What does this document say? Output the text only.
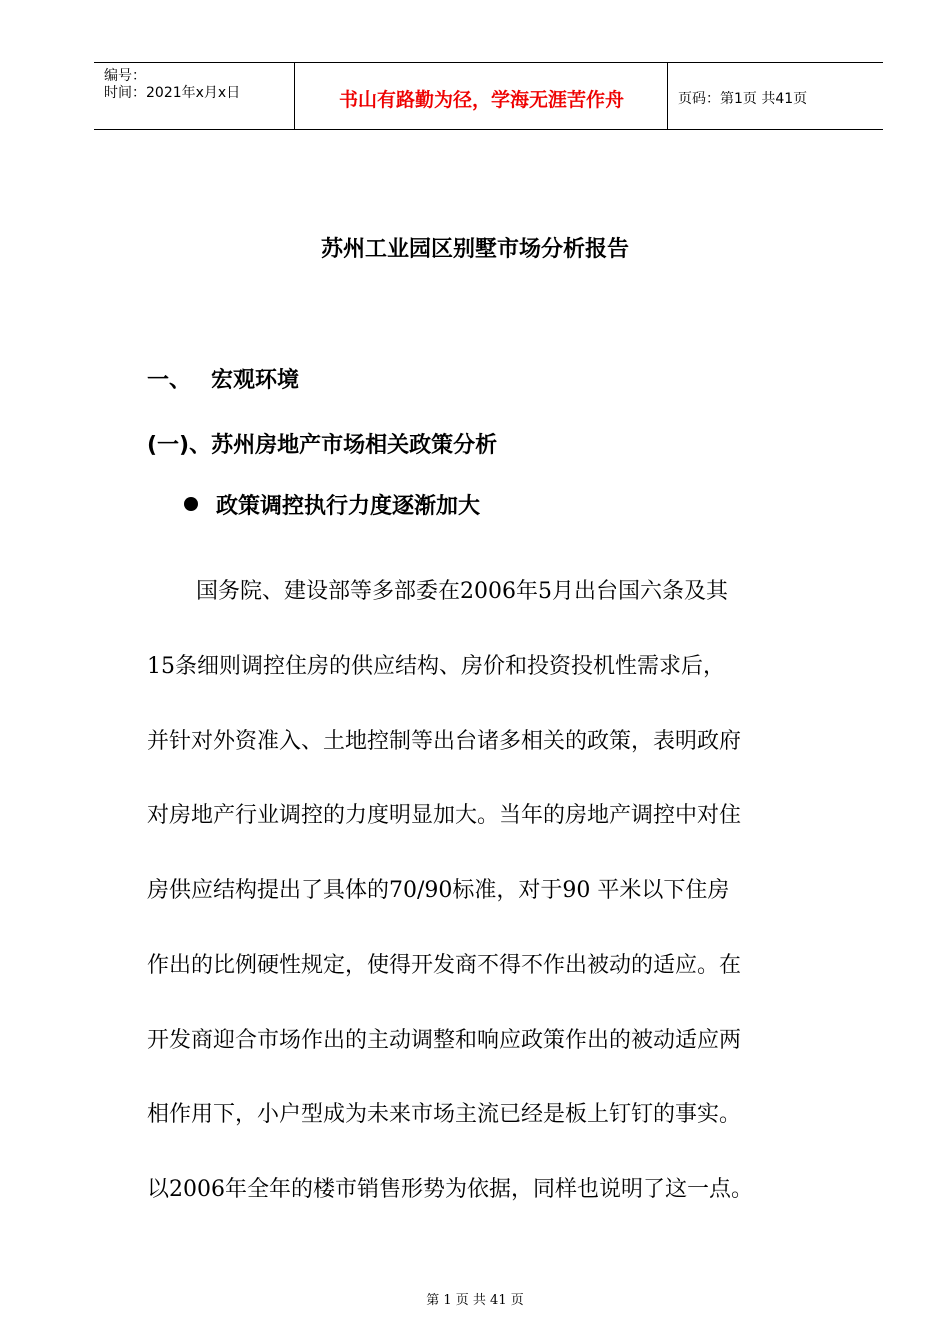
编号：
时间：2021年x月x日	书山有路勤为径，学海无涯苦作舟	页码：第1页 共41页
苏州工业园区别墅市场分析报告
一、 宏观环境
(一)、苏州房地产市场相关政策分析
政策调控执行力度逐渐加大
国务院、建设部等多部委在2006年5月出台国六条及其
15条细则调控住房的供应结构、房价和投资投机性需求后，
并针对外资准入、土地控制等出台诸多相关的政策，表明政府
对房地产行业调控的力度明显加大。当年的房地产调控中对住
房供应结构提出了具体的70/90标准，对于90 平米以下住房
作出的比例硬性规定，使得开发商不得不作出被动的适应。在
开发商迎合市场作出的主动调整和响应政策作出的被动适应两
相作用下，小户型成为未来市场主流已经是板上钉钉的事实。
以2006年全年的楼市销售形势为依据，同样也说明了这一点。
第 1 页 共 41 页
